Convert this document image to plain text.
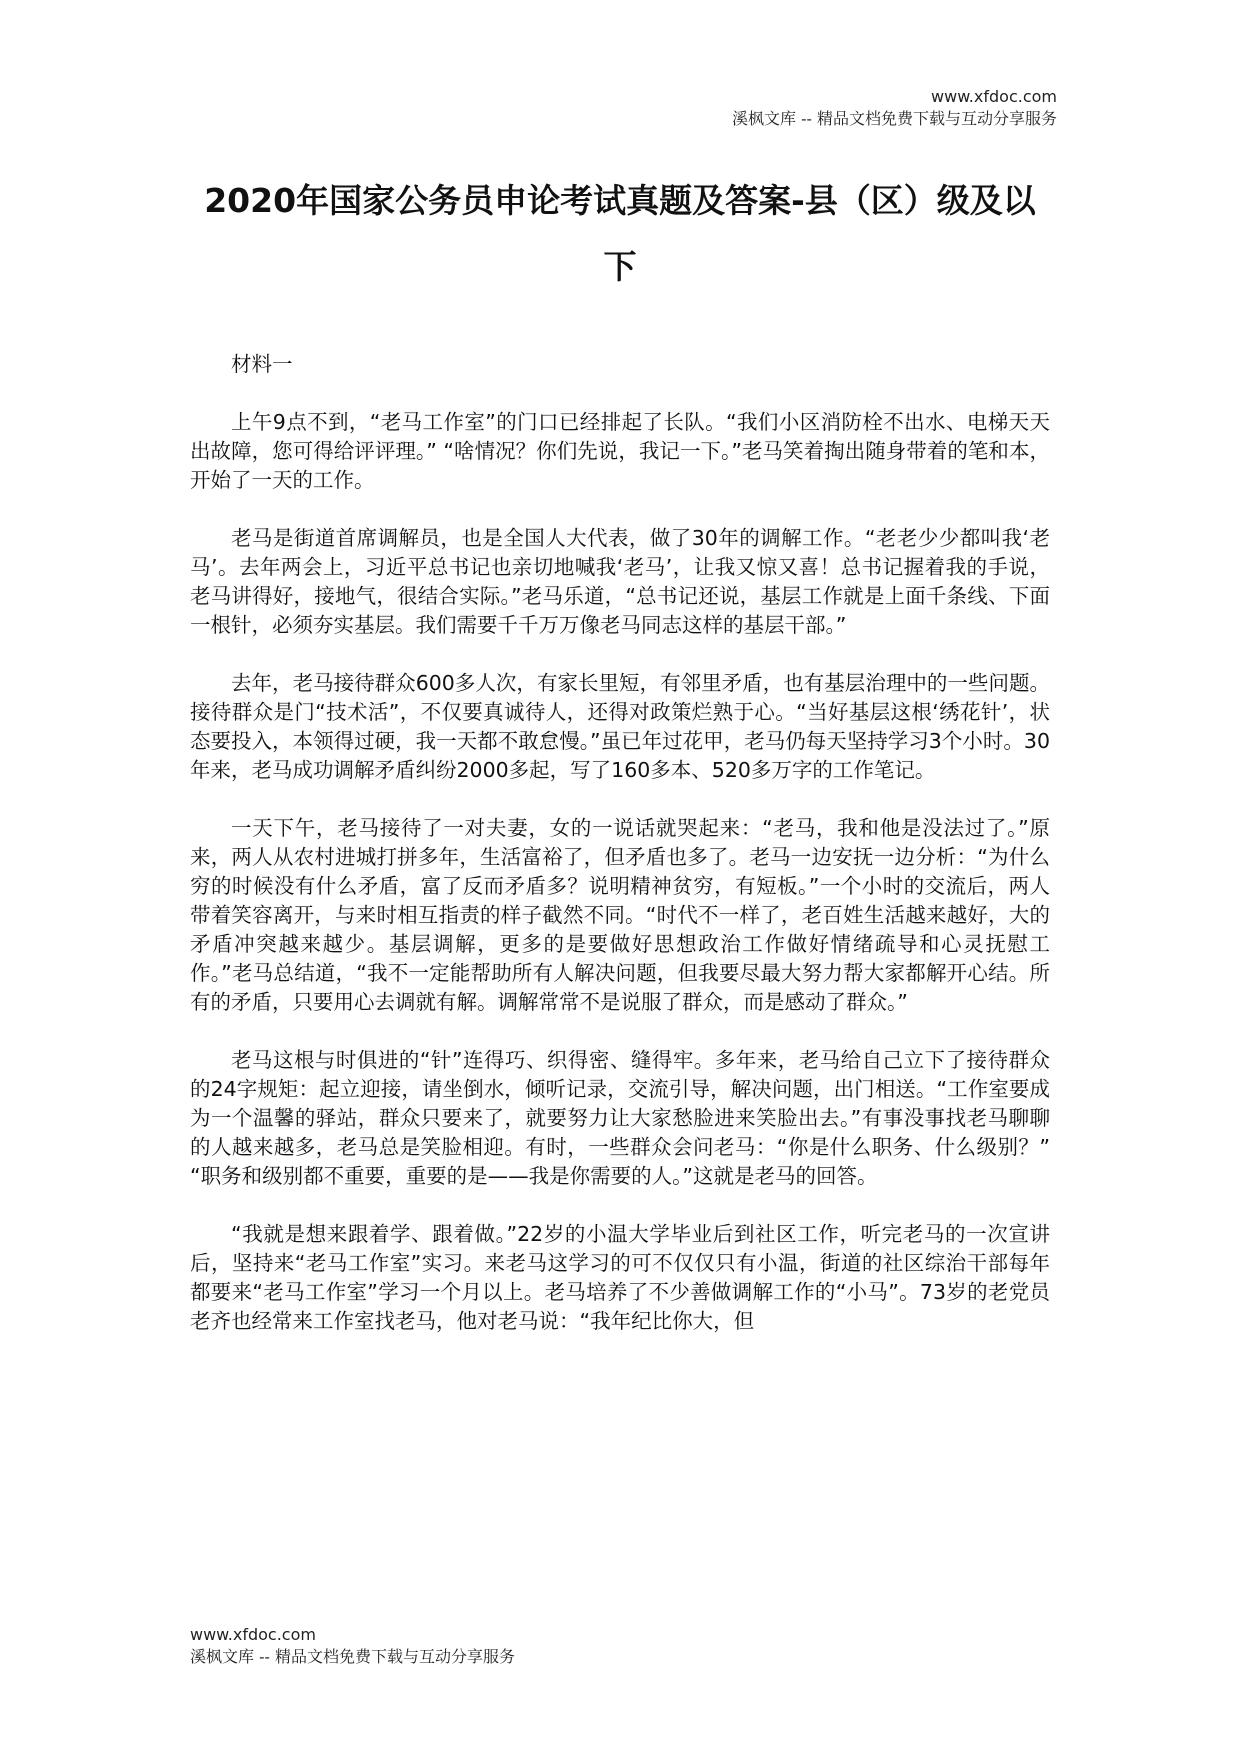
www.xfdoc.com
溪枫文库 -- 精品文档免费下载与互动分享服务
2020年国家公务员申论考试真题及答案-县（区）级及以下

材料一

上午9点不到，“老马工作室”的门口已经排起了长队。“我们小区消防栓不出水、电梯天天出故障，您可得给评评理。” “啥情况？你们先说，我记一下。”老马笑着掏出随身带着的笔和本，开始了一天的工作。

老马是街道首席调解员，也是全国人大代表，做了30年的调解工作。“老老少少都叫我‘老马’。去年两会上，习近平总书记也亲切地喊我‘老马’，让我又惊又喜！总书记握着我的手说，老马讲得好，接地气，很结合实际。”老马乐道，“总书记还说，基层工作就是上面千条线、下面一根针，必须夯实基层。我们需要千千万万像老马同志这样的基层干部。”

去年，老马接待群众600多人次，有家长里短，有邻里矛盾，也有基层治理中的一些问题。接待群众是门“技术活”，不仅要真诚待人，还得对政策烂熟于心。“当好基层这根‘绣花针’，状态要投入，本领得过硬，我一天都不敢怠慢。”虽已年过花甲，老马仍每天坚持学习3个小时。30年来，老马成功调解矛盾纠纷2000多起，写了160多本、520多万字的工作笔记。

一天下午，老马接待了一对夫妻，女的一说话就哭起来：“老马，我和他是没法过了。”原来，两人从农村进城打拼多年，生活富裕了，但矛盾也多了。老马一边安抚一边分析：“为什么穷的时候没有什么矛盾，富了反而矛盾多？说明精神贫穷，有短板。”一个小时的交流后，两人带着笑容离开，与来时相互指责的样子截然不同。“时代不一样了，老百姓生活越来越好，大的矛盾冲突越来越少。基层调解，更多的是要做好思想政治工作做好情绪疏导和心灵抚慰工作。”老马总结道，“我不一定能帮助所有人解决问题，但我要尽最大努力帮大家都解开心结。所有的矛盾，只要用心去调就有解。调解常常不是说服了群众，而是感动了群众。”

老马这根与时俱进的“针”连得巧、织得密、缝得牢。多年来，老马给自己立下了接待群众的24字规矩：起立迎接，请坐倒水，倾听记录，交流引导，解决问题，出门相送。“工作室要成为一个温馨的驿站，群众只要来了，就要努力让大家愁脸进来笑脸出去。”有事没事找老马聊聊的人越来越多，老马总是笑脸相迎。有时，一些群众会问老马：“你是什么职务、什么级别？” “职务和级别都不重要，重要的是——我是你需要的人。”这就是老马的回答。

“我就是想来跟着学、跟着做。”22岁的小温大学毕业后到社区工作，听完老马的一次宣讲后，坚持来“老马工作室”实习。来老马这学习的可不仅仅只有小温，街道的社区综治干部每年都要来“老马工作室”学习一个月以上。老马培养了不少善做调解工作的“小马”。73岁的老党员老齐也经常来工作室找老马，他对老马说：“我年纪比你大，但

www.xfdoc.com
溪枫文库 -- 精品文档免费下载与互动分享服务
